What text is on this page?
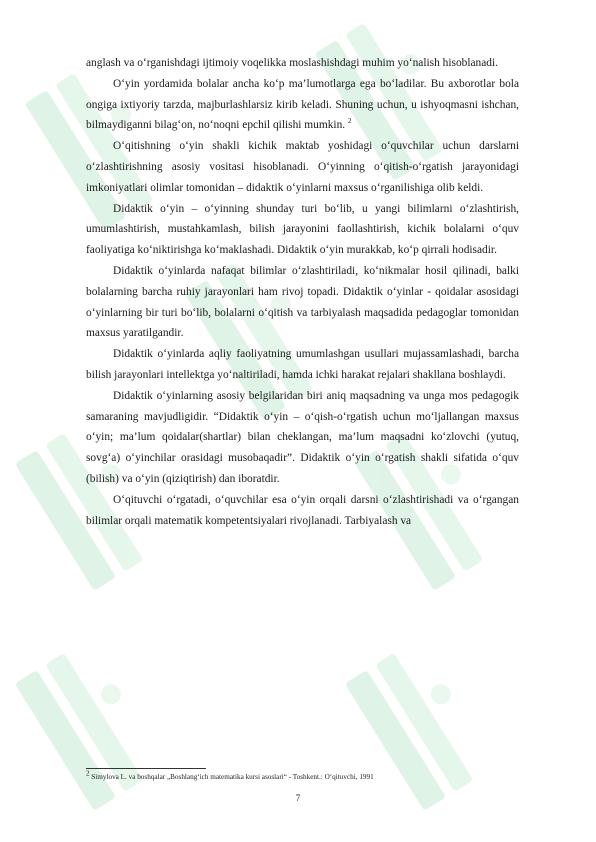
anglash va o‘rganishdagi ijtimoiy voqelikka moslashishdagi muhim yo‘nalish hisoblanadi.

O‘yin yordamida bolalar ancha ko‘p ma’lumotlarga ega bo‘ladilar. Bu axborotlar bola ongiga ixtiyoriy tarzda, majburlashlarsiz kirib keladi. Shuning uchun, u ishyoqmasni ishchan, bilmaydiganni bilag‘on, no‘noqni epchil qilishi mumkin. $^2$

O‘qitishning o‘yin shakli kichik maktab yoshidagi o‘quvchilar uchun darslarni o‘zlashtirishning asosiy vositasi hisoblanadi. O‘yinning o‘qitish-o‘rgatish jarayonidagi imkoniyatlari olimlar tomonidan – didaktik o‘yinlarni maxsus o‘rganilishiga olib keldi.

Didaktik o‘yin – o‘yinning shunday turi bo‘lib, u yangi bilimlarni o‘zlashtirish, umumlashtirish, mustahkamlash, bilish jarayonini faollashtirish, kichik bolalarni o‘quv faoliyatiga ko‘niktirishga ko‘maklashadi. Didaktik o‘yin murakkab, ko‘p qirrali hodisadir.

Didaktik o‘yinlarda nafaqat bilimlar o‘zlashtiriladi, ko‘nikmalar hosil qilinadi, balki bolalarning barcha ruhiy jarayonlari ham rivoj topadi. Didaktik o‘yinlar - qoidalar asosidagi o‘yinlarning bir turi bo‘lib, bolalarni o‘qitish va tarbiyalash maqsadida pedagoglar tomonidan maxsus yaratilgandir.

Didaktik o‘yinlarda aqliy faoliyatning umumlashgan usullari mujassamlashadi, barcha bilish jarayonlari intellektga yo‘naltiriladi, hamda ichki harakat rejalari shakllana boshlaydi.

Didaktik o‘yinlarning asosiy belgilaridan biri aniq maqsadning va unga mos pedagogik samaraning mavjudligidir. “Didaktik o‘yin – o‘qish-o‘rgatish uchun mo‘ljallangan maxsus o‘yin; ma’lum qoidalar(shartlar) bilan cheklangan, ma’lum maqsadni ko‘zlovchi (yutuq, sovg‘a) o‘yinchilar orasidagi musobaqadir”. Didaktik o‘yin o‘rgatish shakli sifatida o‘quv (bilish) va o‘yin (qiziqtirish) dan iboratdir.

O‘qituvchi o‘rgatadi, o‘quvchilar esa o‘yin orqali darsni o‘zlashtirishadi va o‘rgangan bilimlar orqali matematik kompetentsiyalari rivojlanadi. Tarbiyalash va

$^2$ Simylova L. va boshqalar „Boshlang‘ich matematika kursi asoslari“ - Toshkent.: O‘qituvchi, 1991
7
